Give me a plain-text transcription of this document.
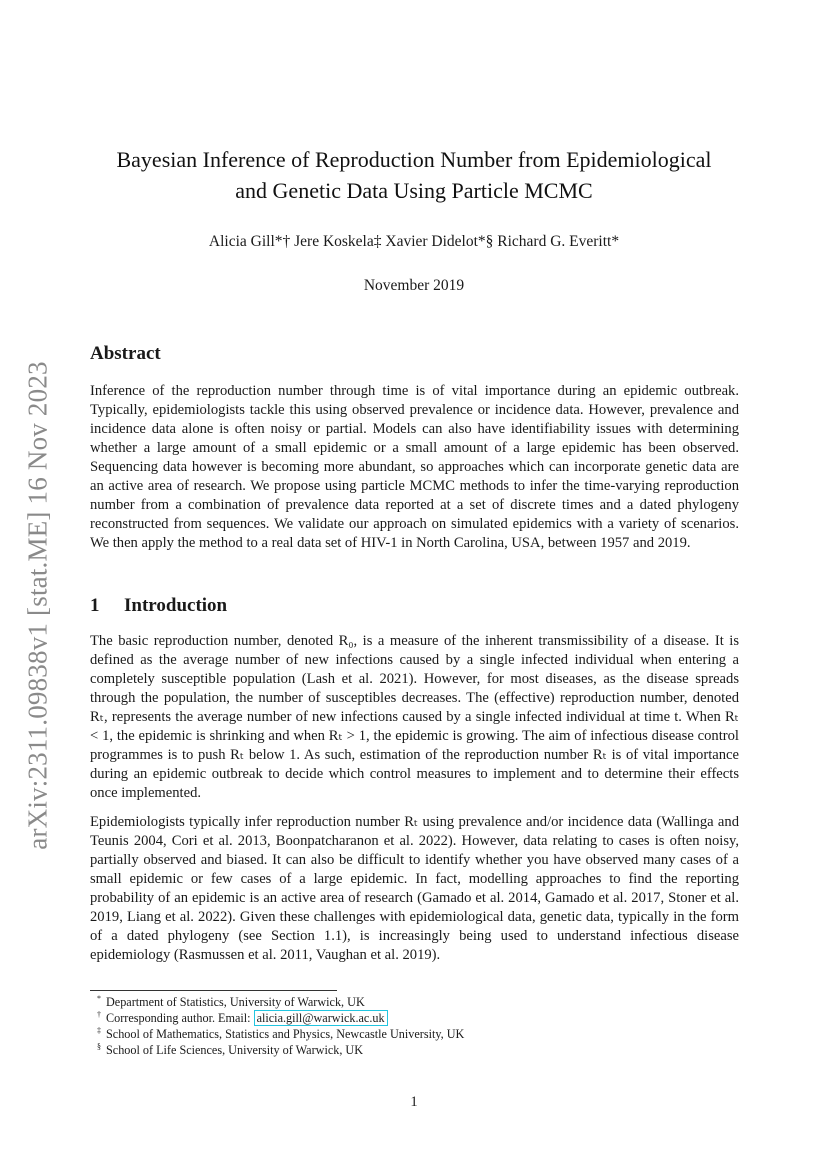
arXiv:2311.09838v1 [stat.ME] 16 Nov 2023
Bayesian Inference of Reproduction Number from Epidemiological
and Genetic Data Using Particle MCMC
Alicia Gill*† Jere Koskela‡ Xavier Didelot*§ Richard G. Everitt*
November 2019
Abstract

Inference of the reproduction number through time is of vital importance during an epidemic outbreak. Typically, epidemiologists tackle this using observed prevalence or incidence data. However, prevalence and incidence data alone is often noisy or partial. Models can also have identifiability issues with determining whether a large amount of a small epidemic or a small amount of a large epidemic has been observed. Sequencing data however is becoming more abundant, so approaches which can incorporate genetic data are an active area of research. We propose using particle MCMC methods to infer the time-varying reproduction number from a combination of prevalence data reported at a set of discrete times and a dated phylogeny reconstructed from sequences. We validate our approach on simulated epidemics with a variety of scenarios. We then apply the method to a real data set of HIV-1 in North Carolina, USA, between 1957 and 2019.

1 Introduction

The basic reproduction number, denoted R₀, is a measure of the inherent transmissibility of a disease. It is defined as the average number of new infections caused by a single infected individual when entering a completely susceptible population (Lash et al. 2021). However, for most diseases, as the disease spreads through the population, the number of susceptibles decreases. The (effective) reproduction number, denoted Rₜ, represents the average number of new infections caused by a single infected individual at time t. When Rₜ < 1, the epidemic is shrinking and when Rₜ > 1, the epidemic is growing. The aim of infectious disease control programmes is to push Rₜ below 1. As such, estimation of the reproduction number Rₜ is of vital importance during an epidemic outbreak to decide which control measures to implement and to determine their effects once implemented.

Epidemiologists typically infer reproduction number Rₜ using prevalence and/or incidence data (Wallinga and Teunis 2004, Cori et al. 2013, Boonpatcharanon et al. 2022). However, data relating to cases is often noisy, partially observed and biased. It can also be difficult to identify whether you have observed many cases of a small epidemic or few cases of a large epidemic. In fact, modelling approaches to find the reporting probability of an epidemic is an active area of research (Gamado et al. 2014, Gamado et al. 2017, Stoner et al. 2019, Liang et al. 2022). Given these challenges with epidemiological data, genetic data, typically in the form of a dated phylogeny (see Section 1.1), is increasingly being used to understand infectious disease epidemiology (Rasmussen et al. 2011, Vaughan et al. 2019).

* Department of Statistics, University of Warwick, UK
† Corresponding author. Email: alicia.gill@warwick.ac.uk
‡ School of Mathematics, Statistics and Physics, Newcastle University, UK
§ School of Life Sciences, University of Warwick, UK
1
